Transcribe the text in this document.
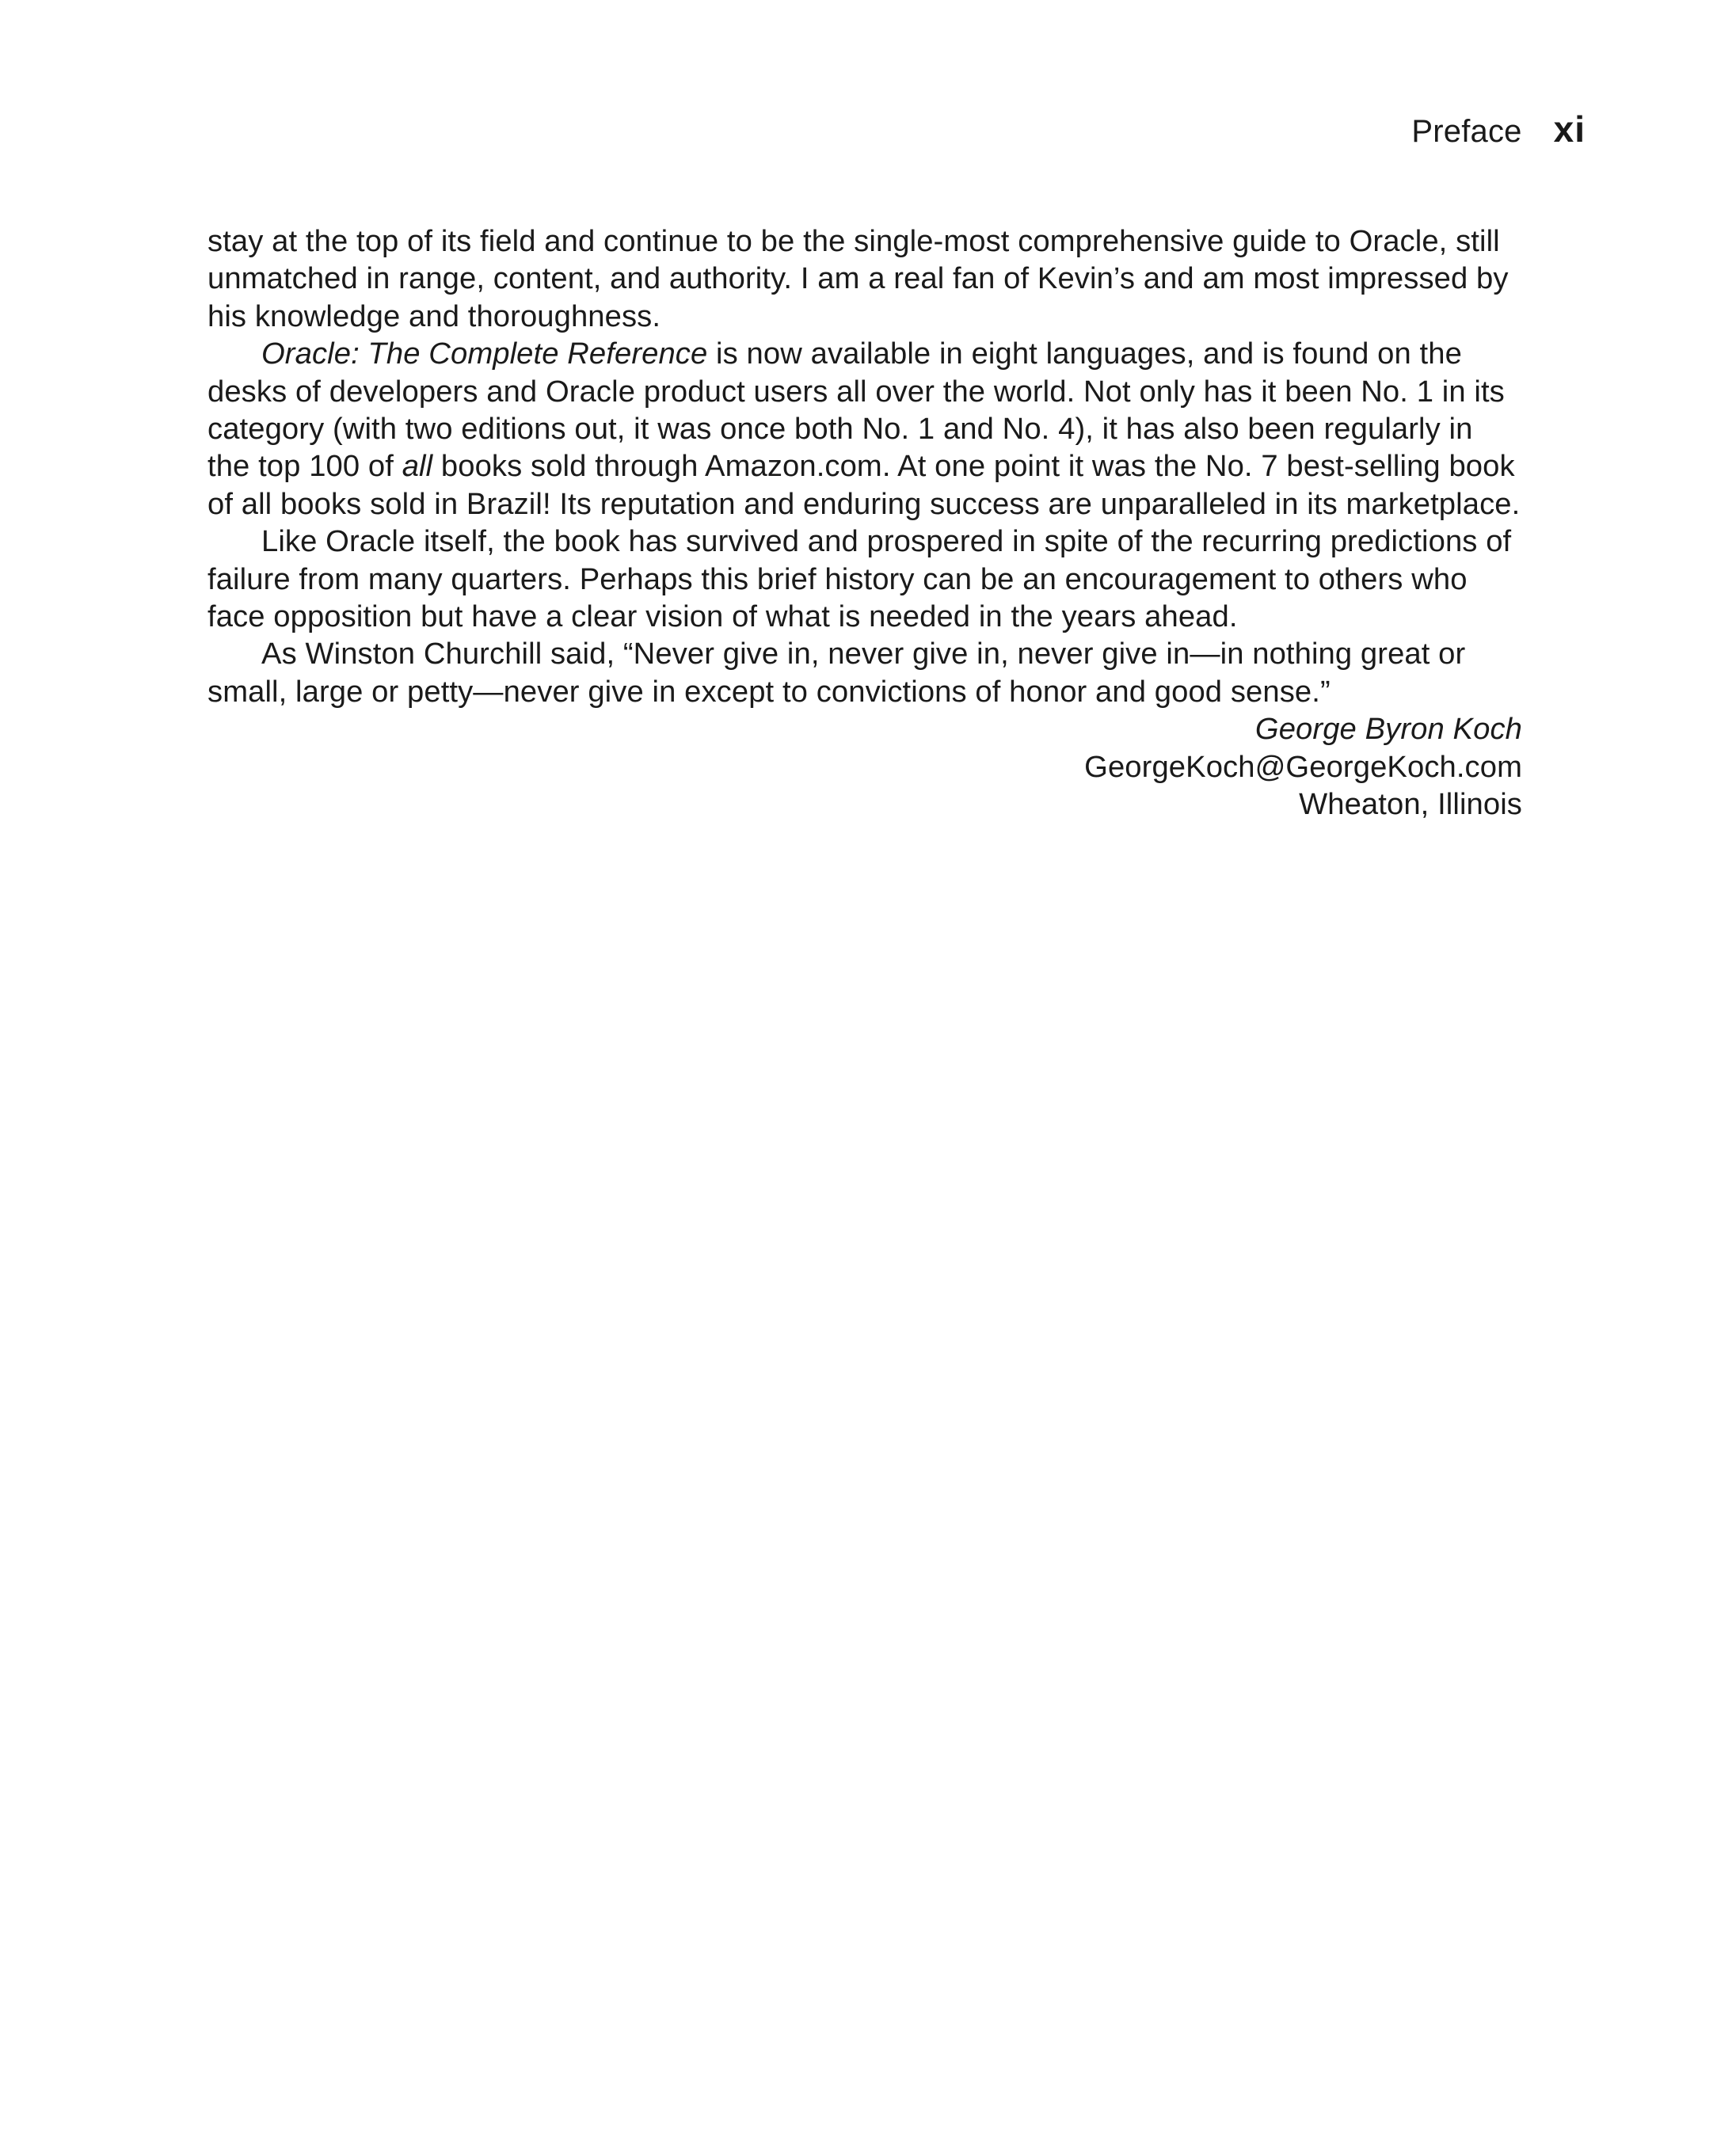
Preface xi

stay at the top of its field and continue to be the single-most comprehensive guide to Oracle, still unmatched in range, content, and authority. I am a real fan of Kevin’s and am most impressed by his knowledge and thoroughness.

Oracle: The Complete Reference is now available in eight languages, and is found on the desks of developers and Oracle product users all over the world. Not only has it been No. 1 in its category (with two editions out, it was once both No. 1 and No. 4), it has also been regularly in the top 100 of all books sold through Amazon.com. At one point it was the No. 7 best-selling book of all books sold in Brazil! Its reputation and enduring success are unparalleled in its marketplace.

Like Oracle itself, the book has survived and prospered in spite of the recurring predictions of failure from many quarters. Perhaps this brief history can be an encouragement to others who face opposition but have a clear vision of what is needed in the years ahead.

As Winston Churchill said, “Never give in, never give in, never give in—in nothing great or small, large or petty—never give in except to convictions of honor and good sense.”

George Byron Koch

GeorgeKoch@GeorgeKoch.com

Wheaton, Illinois
